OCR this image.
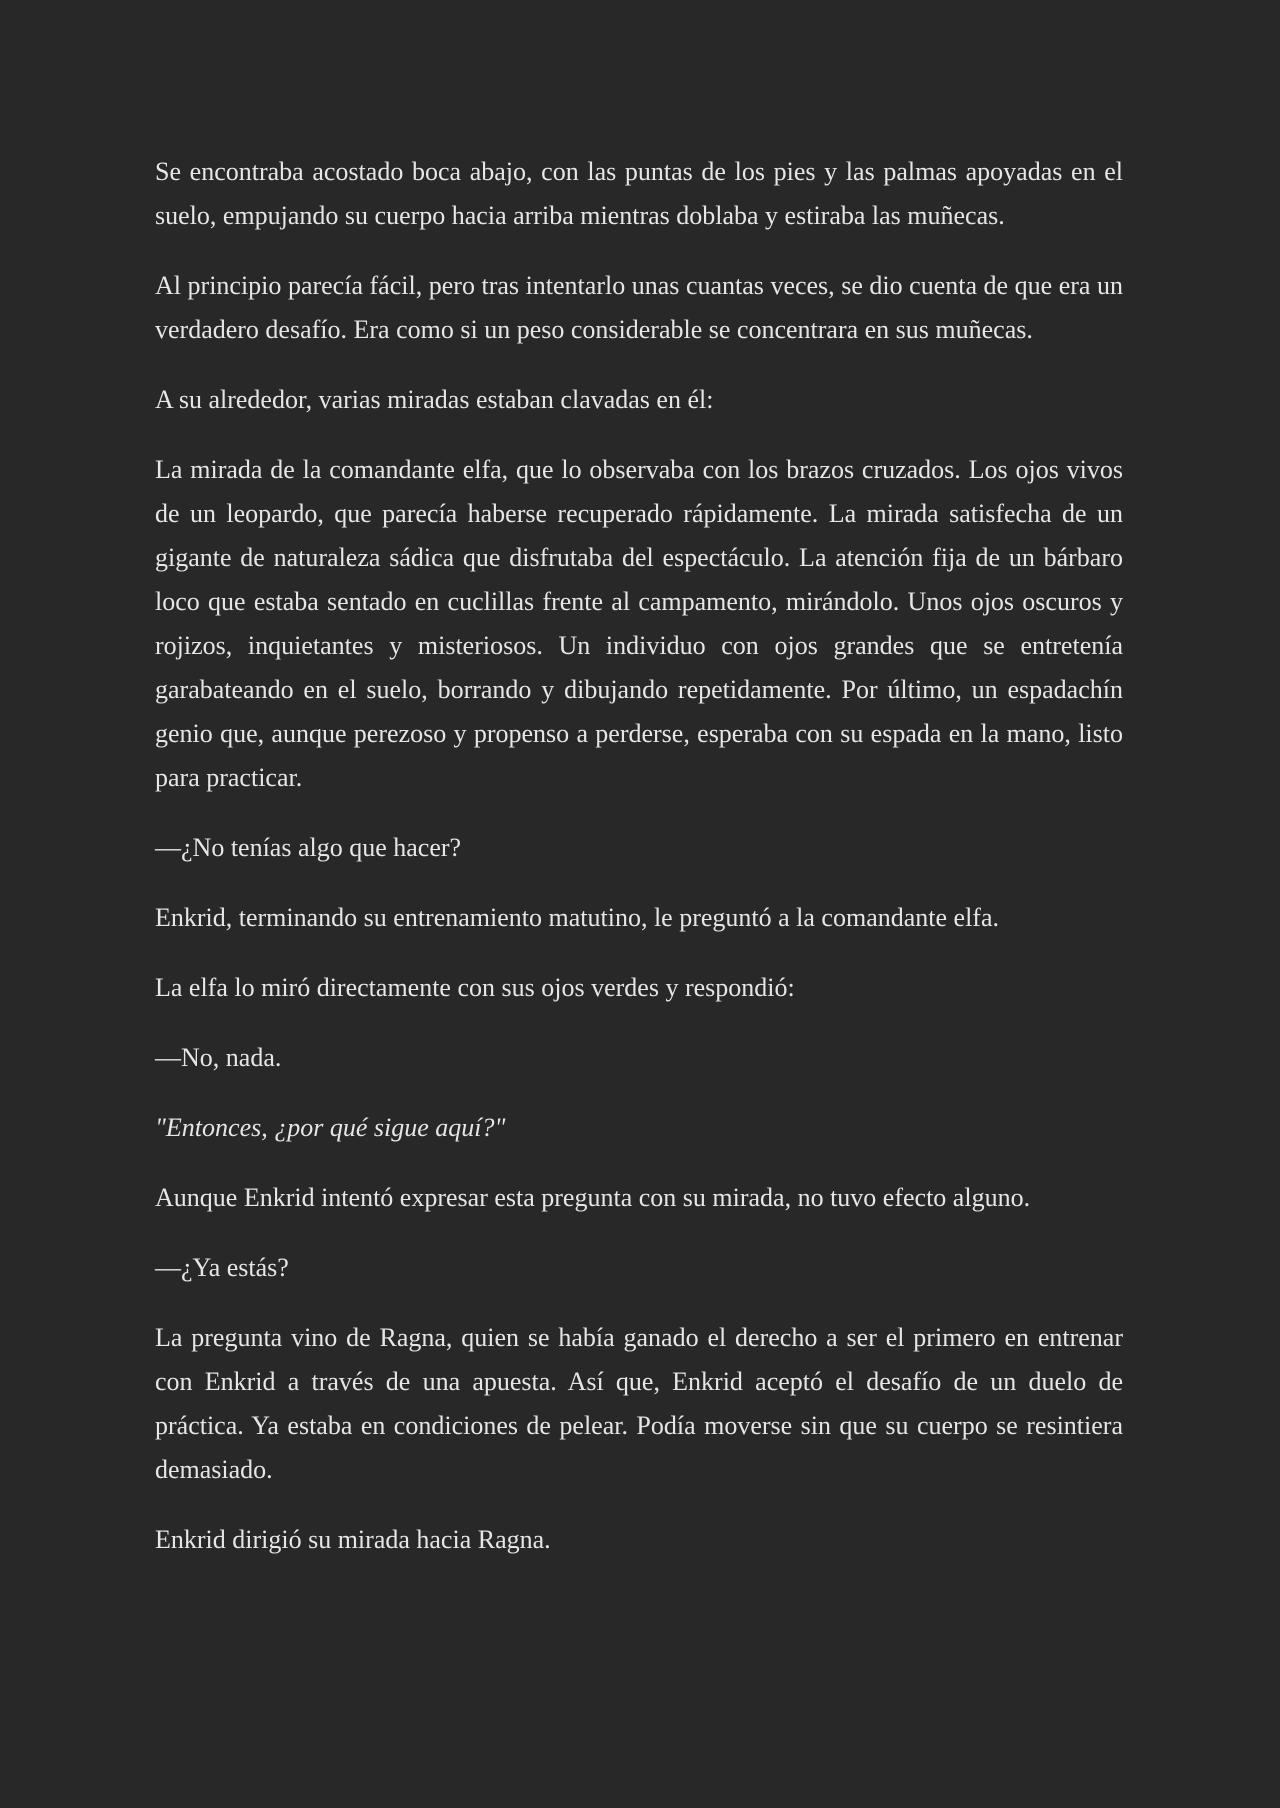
Se encontraba acostado boca abajo, con las puntas de los pies y las palmas apoyadas en el suelo, empujando su cuerpo hacia arriba mientras doblaba y estiraba las muñecas.

Al principio parecía fácil, pero tras intentarlo unas cuantas veces, se dio cuenta de que era un verdadero desafío. Era como si un peso considerable se concentrara en sus muñecas.

A su alrededor, varias miradas estaban clavadas en él:

La mirada de la comandante elfa, que lo observaba con los brazos cruzados. Los ojos vivos de un leopardo, que parecía haberse recuperado rápidamente. La mirada satisfecha de un gigante de naturaleza sádica que disfrutaba del espectáculo. La atención fija de un bárbaro loco que estaba sentado en cuclillas frente al campamento, mirándolo. Unos ojos oscuros y rojizos, inquietantes y misteriosos. Un individuo con ojos grandes que se entretenía garabateando en el suelo, borrando y dibujando repetidamente. Por último, un espadachín genio que, aunque perezoso y propenso a perderse, esperaba con su espada en la mano, listo para practicar.

—¿No tenías algo que hacer?

Enkrid, terminando su entrenamiento matutino, le preguntó a la comandante elfa.

La elfa lo miró directamente con sus ojos verdes y respondió:

—No, nada.

"Entonces, ¿por qué sigue aquí?"

Aunque Enkrid intentó expresar esta pregunta con su mirada, no tuvo efecto alguno.

—¿Ya estás?

La pregunta vino de Ragna, quien se había ganado el derecho a ser el primero en entrenar con Enkrid a través de una apuesta. Así que, Enkrid aceptó el desafío de un duelo de práctica. Ya estaba en condiciones de pelear. Podía moverse sin que su cuerpo se resintiera demasiado.

Enkrid dirigió su mirada hacia Ragna.
